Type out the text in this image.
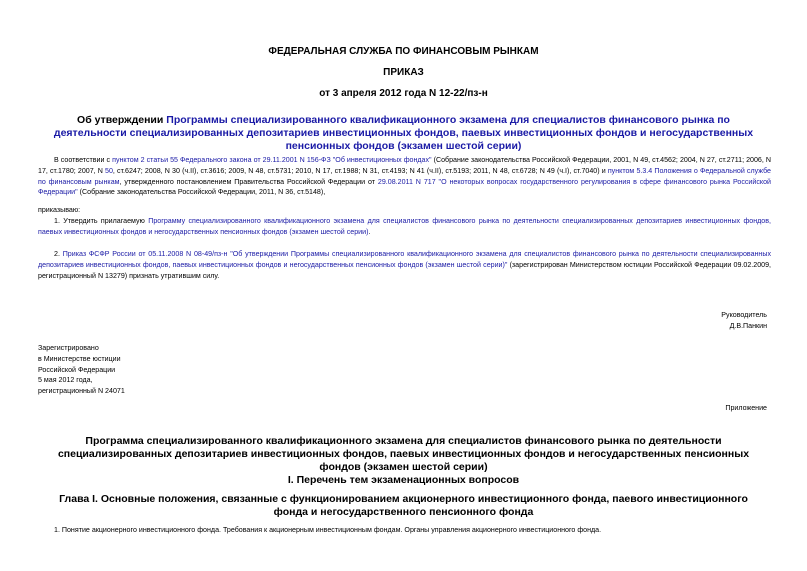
ФЕДЕРАЛЬНАЯ СЛУЖБА ПО ФИНАНСОВЫМ РЫНКАМ
ПРИКАЗ
от 3 апреля 2012 года N 12-22/пз-н
Об утверждении Программы специализированного квалификационного экзамена для специалистов финансового рынка по деятельности специализированных депозитариев инвестиционных фондов, паевых инвестиционных фондов и негосударственных пенсионных фондов (экзамен шестой серии)
В соответствии с пунктом 2 статьи 55 Федерального закона от 29.11.2001 N 156-ФЗ "Об инвестиционных фондах" (Собрание законодательства Российской Федерации, 2001, N 49, ст.4562; 2004, N 27, ст.2711; 2006, N 17, ст.1780; 2007, N 50, ст.6247; 2008, N 30 (ч.II), ст.3616; 2009, N 48, ст.5731; 2010, N 17, ст.1988; N 31, ст.4193; N 41 (ч.II), ст.5193; 2011, N 48, ст.6728; N 49 (ч.I), ст.7040) и пунктом 5.3.4 Положения о Федеральной службе по финансовым рынкам, утвержденного постановлением Правительства Российской Федерации от 29.08.2011 N 717 "О некоторых вопросах государственного регулирования в сфере финансового рынка Российской Федерации" (Собрание законодательства Российской Федерации, 2011, N 36, ст.5148),
приказываю:
1. Утвердить прилагаемую Программу специализированного квалификационного экзамена для специалистов финансового рынка по деятельности специализированных депозитариев инвестиционных фондов, паевых инвестиционных фондов и негосударственных пенсионных фондов (экзамен шестой серии).
2. Приказ ФСФР России от 05.11.2008 N 08-49/пз-н "Об утверждении Программы специализированного квалификационного экзамена для специалистов финансового рынка по деятельности специализированных депозитариев инвестиционных фондов, паевых инвестиционных фондов и негосударственных пенсионных фондов (экзамен шестой серии)" (зарегистрирован Министерством юстиции Российской Федерации 09.02.2009, регистрационный N 13279) признать утратившим силу.
Руководитель
Д.В.Панкин
Зарегистрировано
в Министерстве юстиции
Российской Федерации
5 мая 2012 года,
регистрационный N 24071
Приложение
Программа специализированного квалификационного экзамена для специалистов финансового рынка по деятельности специализированных депозитариев инвестиционных фондов, паевых инвестиционных фондов и негосударственных пенсионных фондов (экзамен шестой серии)
I. Перечень тем экзаменационных вопросов
Глава I. Основные положения, связанные с функционированием акционерного инвестиционного фонда, паевого инвестиционного фонда и негосударственного пенсионного фонда
1. Понятие акционерного инвестиционного фонда. Требования к акционерным инвестиционным фондам. Органы управления акционерного инвестиционного фонда.
